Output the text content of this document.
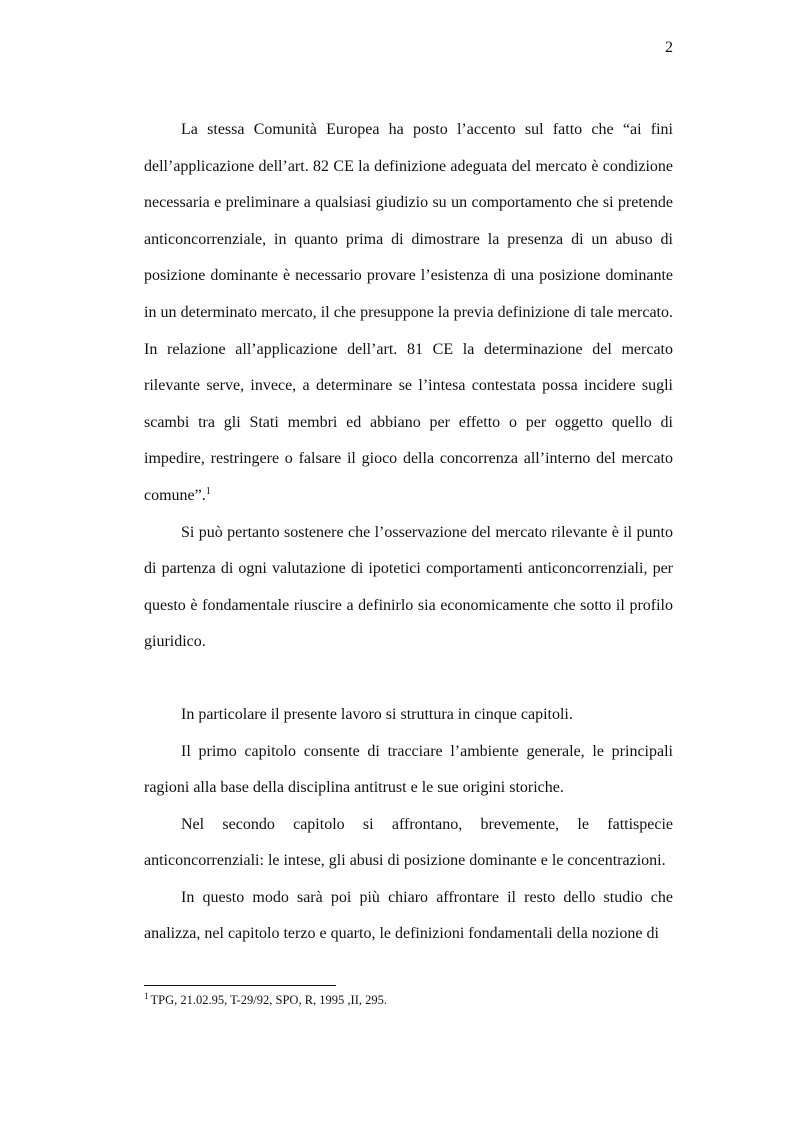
2

La stessa Comunità Europea ha posto l’accento sul fatto che “ai fini dell’applicazione dell’art. 82 CE la definizione adeguata del mercato è condizione necessaria e preliminare a qualsiasi giudizio su un comportamento che si pretende anticoncorrenziale, in quanto prima di dimostrare la presenza di un abuso di posizione dominante è necessario provare l’esistenza di una posizione dominante in un determinato mercato, il che presuppone la previa definizione di tale mercato. In relazione all’applicazione dell’art. 81 CE la determinazione del mercato rilevante serve, invece, a determinare se l’intesa contestata possa incidere sugli scambi tra gli Stati membri ed abbiano per effetto o per oggetto quello di impedire, restringere o falsare il gioco della concorrenza all’interno del mercato comune”.$^1$

Si può pertanto sostenere che l’osservazione del mercato rilevante è il punto di partenza di ogni valutazione di ipotetici comportamenti anticoncorrenziali, per questo è fondamentale riuscire a definirlo sia economicamente che sotto il profilo giuridico.

In particolare il presente lavoro si struttura in cinque capitoli.

Il primo capitolo consente di tracciare l’ambiente generale, le principali ragioni alla base della disciplina antitrust e le sue origini storiche.

Nel secondo capitolo si affrontano, brevemente, le fattispecie anticoncorrenziali: le intese, gli abusi di posizione dominante e le concentrazioni.

In questo modo sarà poi più chiaro affrontare il resto dello studio che analizza, nel capitolo terzo e quarto, le definizioni fondamentali della nozione di

$^1$ TPG, 21.02.95, T-29/92, SPO, R, 1995 ,II, 295.
